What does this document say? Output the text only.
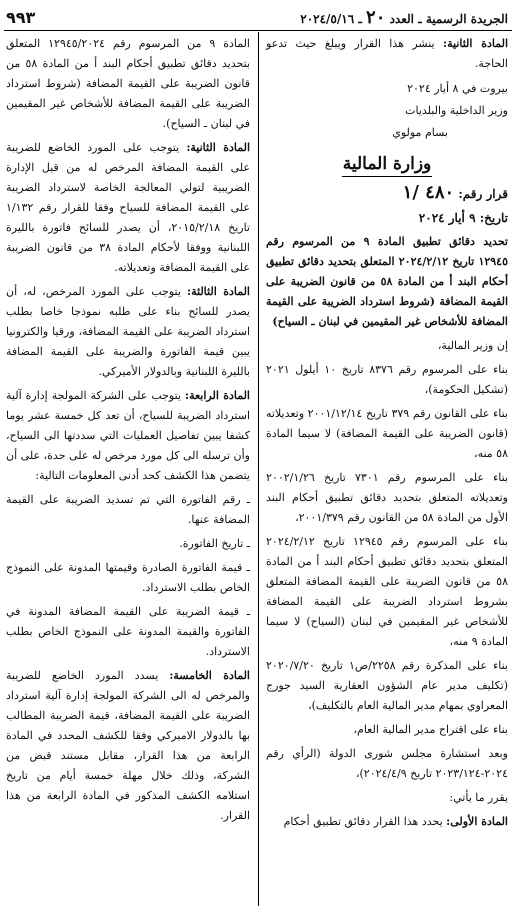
الجريدة الرسمية ـ العدد ٢٠ ـ ٢٠٢٤/٥/١٦
٩٩٣

المادة الثانية: ينشر هذا القرار ويبلغ حيث تدعو الحاجة.

بيروت في ٨ أيار ٢٠٢٤

وزير الداخلية والبلديات

بسام مولوي

وزارة المالية

قرار رقم: ٤٨٠ /١

تاريخ: ٩ أيار ٢٠٢٤

تحديد دقائق تطبيق المادة ٩ من المرسوم رقم ١٢٩٤٥ تاريخ ٢٠٢٤/٢/١٢ المتعلق بتحديد دقائق تطبيق أحكام البند أ من المادة ٥٨ من قانون الضريبة على القيمة المضافة (شروط استرداد الضريبة على القيمة المضافة للأشخاص غير المقيمين في لبنان ـ السياح)

إن وزير المالية،

بناء على المرسوم رقم ٨٣٧٦ تاريخ ١٠ أيلول ٢٠٢١ (تشكيل الحكومة)،

بناء على القانون رقم ٣٧٩ تاريخ ٢٠٠١/١٢/١٤ وتعديلاته (قانون الضريبة على القيمة المضافة) لا سيما المادة ٥٨ منه،

بناء على المرسوم رقم ٧٣٠١ تاريخ ٢٠٠٢/١/٢٦ وتعديلاته المتعلق بتحديد دقائق تطبيق أحكام البند الأول من المادة ٥٨ من القانون رقم ٢٠٠١/٣٧٩،

بناء على المرسوم رقم ١٢٩٤٥ تاريخ ٢٠٢٤/٢/١٢ المتعلق بتحديد دقائق تطبيق أحكام البند أ من المادة ٥٨ من قانون الضريبة على القيمة المضافة المتعلق بشروط استرداد الضريبة على القيمة المضافة للأشخاص غير المقيمين في لبنان (السياح) لا سيما المادة ٩ منه،

بناء على المذكرة رقم ٢٢٥٨/ص١ تاريخ ٢٠٢٠/٧/٢٠ (تكليف مدير عام الشؤون العقارية السيد جورج المعراوي بمهام مدير المالية العام بالتكليف)،

بناء على اقتراح مدير المالية العام،

وبعد استشارة مجلس شورى الدولة (الرأي رقم ٢٠٢٤-٢٠٢٣/١٢٤ تاريخ ٢٠٢٤/٤/٩)،

يقرر ما يأتي:

المادة الأولى: يحدد هذا القرار دقائق تطبيق أحكام

المادة ٩ من المرسوم رقم ١٢٩٤٥/٢٠٢٤ المتعلق بتحديد دقائق تطبيق أحكام البند أ من المادة ٥٨ من قانون الضريبة على القيمة المضافة (شروط استرداد الضريبة على القيمة المضافة للأشخاص غير المقيمين في لبنان ـ السياح).

المادة الثانية: يتوجب على المورد الخاضع للضريبة على القيمة المضافة المرخص له من قبل الإدارة الضريبية لتولي المعالجة الخاصة لاسترداد الضريبة على القيمة المضافة للسياح وفقا للقرار رقم ١/١٣٢ تاريخ ٢٠١٥/٢/١٨، أن يصدر للسائح فاتورة بالليرة اللبنانية ووفقا لأحكام المادة ٣٨ من قانون الضريبة على القيمة المضافة وتعديلاته.

المادة الثالثة: يتوجب على المورد المرخص، له، أن يصدر للسائح بناء على طلبه نموذجا خاصا بطلب استرداد الضريبة على القيمة المضافة، ورقيا والكترونيا يبين قيمة الفاتورة والضريبة على القيمة المضافة بالليرة اللبنانية وبالدولار الأميركي.

المادة الرابعة: يتوجب على الشركة المولجة إدارة آلية استرداد الضريبة للسياح، أن تعد كل خمسة عشر يوما كشفا يبين تفاصيل العمليات التي سددتها الى السياح، وأن ترسله الى كل مورد مرخص له على حدة، على أن يتضمن هذا الكشف كحد أدنى المعلومات التالية:

ـ رقم الفاتورة التي تم تسديد الضريبة على القيمة المضافة عنها.

ـ تاريخ الفاتورة.

ـ قيمة الفاتورة الصادرة وقيمتها المدونة على النموذج الخاص بطلب الاسترداد.

ـ قيمة الضريبة على القيمة المضافة المدونة في الفاتورة والقيمة المدونة على النموذج الخاص بطلب الاسترداد.

المادة الخامسة: يسدد المورد الخاضع للضريبة والمرخص له الى الشركة المولجة إدارة آلية استرداد الضريبة على القيمة المضافة، قيمة الضريبة المطالب بها بالدولار الاميركي وفقا للكشف المحدد في المادة الرابعة من هذا القرار، مقابل مستند قبض من الشركة، وذلك خلال مهلة خمسة أيام من تاريخ استلامه الكشف المذكور في المادة الرابعة من هذا القرار.
